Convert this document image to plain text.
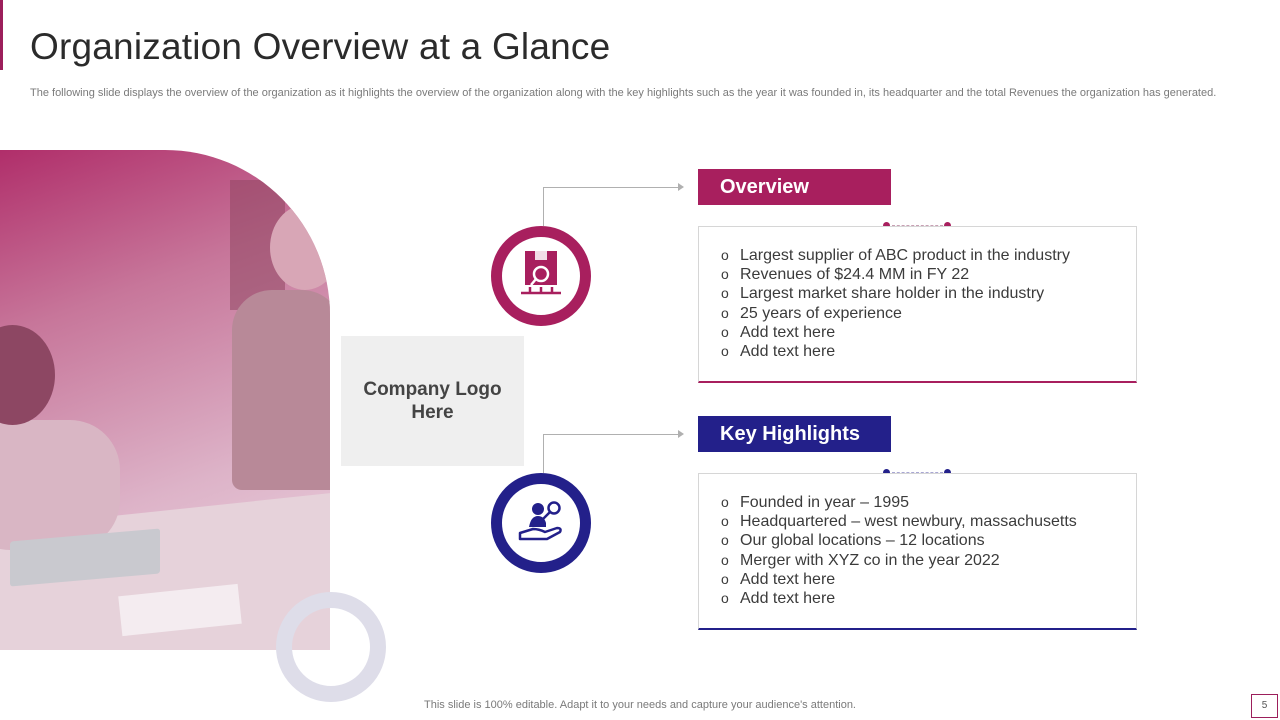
Organization Overview at a Glance
The following slide displays the overview of the organization as it highlights the overview of the organization along with the key highlights such as the year it was founded in, its headquarter and the total Revenues the organization has generated.
Company Logo Here
Overview
o Largest supplier of ABC product in the industry
o Revenues of $24.4 MM in FY 22
o Largest market share holder in the industry
o 25 years of experience
o Add text here
o Add text here
Key Highlights
o Founded in year – 1995
o Headquartered – west newbury, massachusetts
o Our global locations – 12 locations
o Merger with XYZ co in the year 2022
o Add text here
o Add text here
This slide is 100% editable. Adapt it to your needs and capture your audience's attention.	5
